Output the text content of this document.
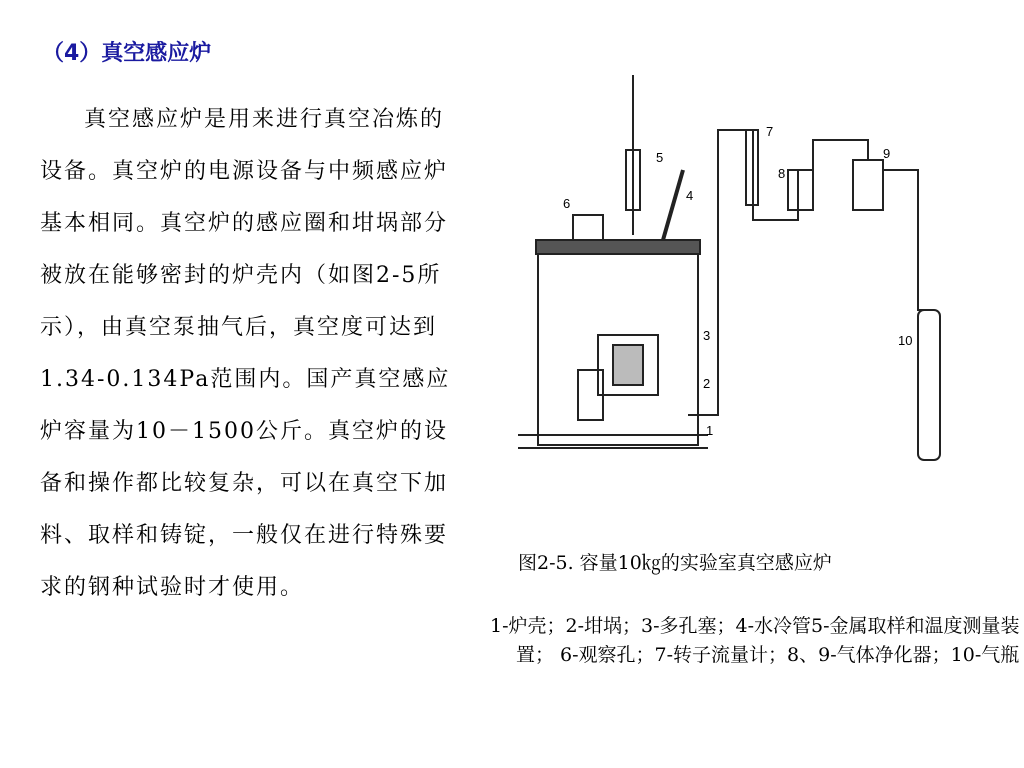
（4）真空感应炉

真空感应炉是用来进行真空冶炼的设备。真空炉的电源设备与中频感应炉基本相同。真空炉的感应圈和坩埚部分被放在能够密封的炉壳内（如图2-5所示），由真空泵抽气后，真空度可达到1.34-0.134Pa范围内。国产真空感应炉容量为10－1500公斤。真空炉的设备和操作都比较复杂，可以在真空下加料、取样和铸锭，一般仅在进行特殊要求的钢种试验时才使用。

1
2
3
4
5
6
7
8
9
10
图2-5. 容量10㎏的实验室真空感应炉
1-炉壳；2-坩埚；3-多孔塞；4-水冷管5-金属取样和温度测量装置； 6-观察孔；7-转子流量计；8、9-气体净化器；10-气瓶
